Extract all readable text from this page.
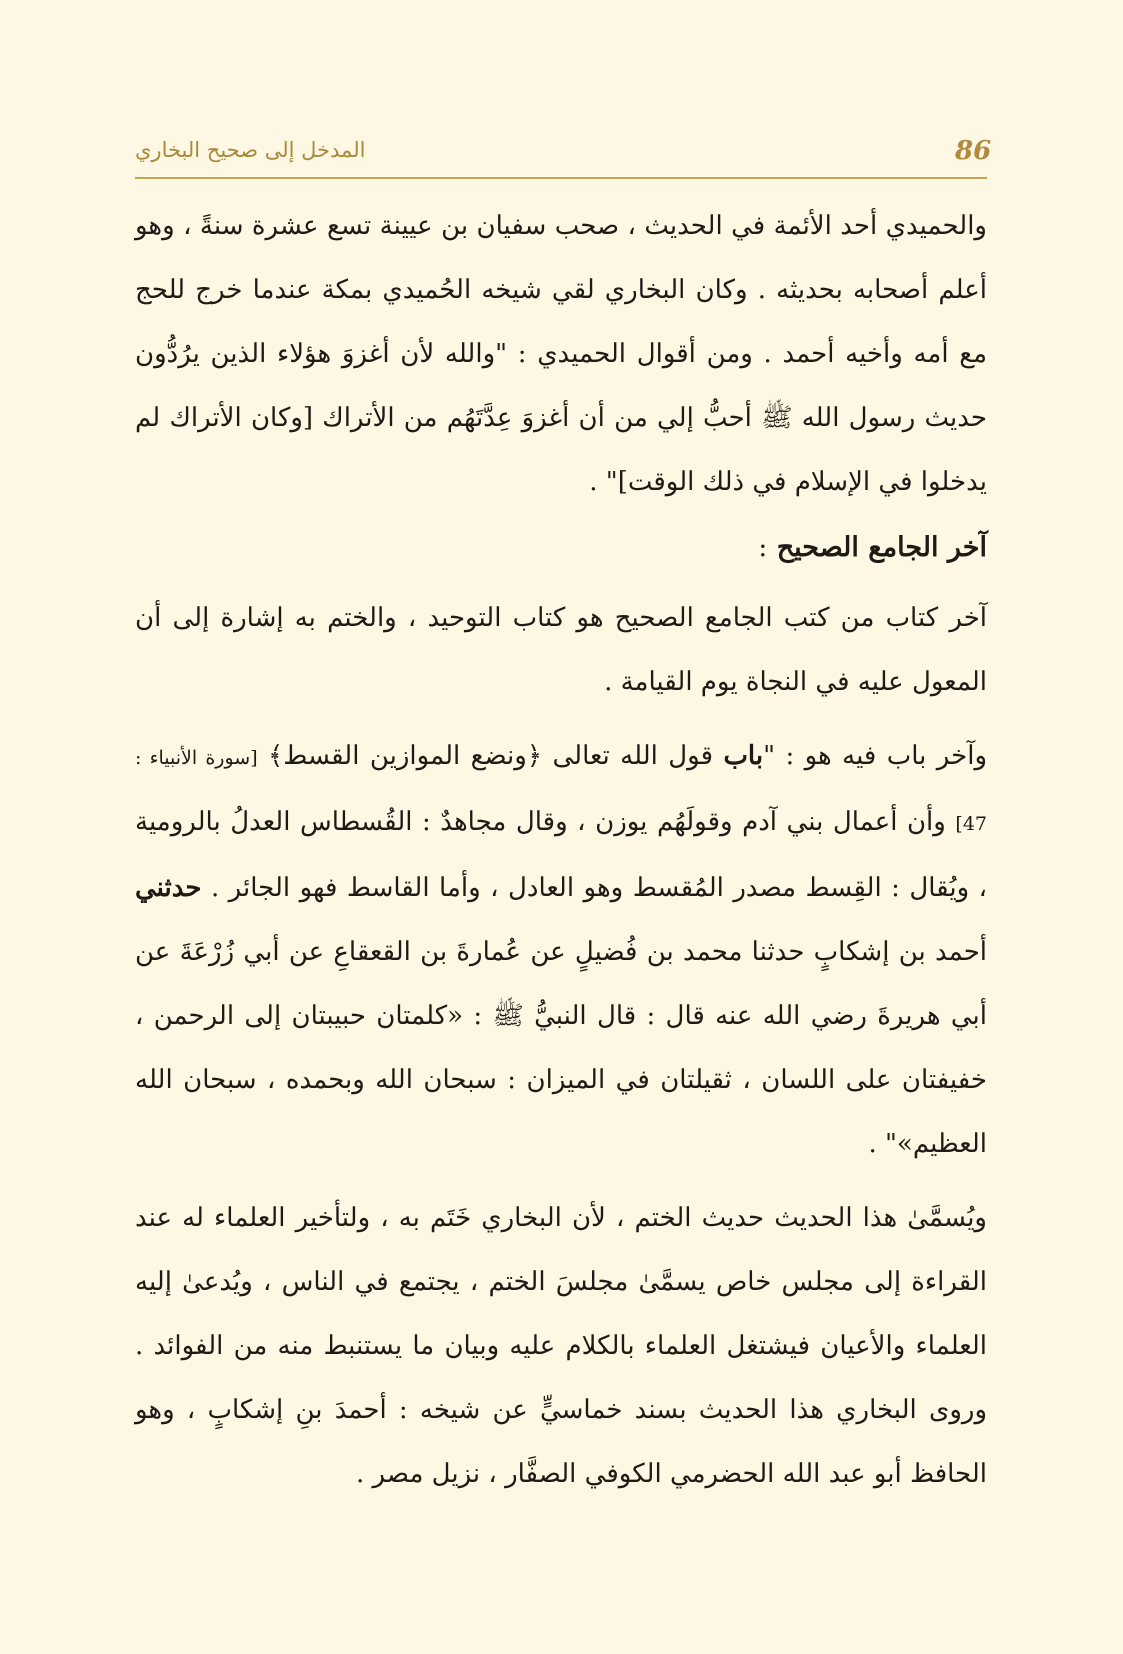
86
المدخل إلى صحيح البخاري

والحميدي أحد الأئمة في الحديث ، صحب سفيان بن عيينة تسع عشرة سنةً ، وهو أعلم أصحابه بحديثه . وكان البخاري لقي شيخه الحُميدي بمكة عندما خرج للحج مع أمه وأخيه أحمد . ومن أقوال الحميدي : "والله لأن أغزوَ هؤلاء الذين يرُدُّون حديث رسول الله ﷺ أحبُّ إلي من أن أغزوَ عِدَّتَهُم من الأتراك [وكان الأتراك لم يدخلوا في الإسلام في ذلك الوقت]" .

آخر الجامع الصحيح :

آخر كتاب من كتب الجامع الصحيح هو كتاب التوحيد ، والختم به إشارة إلى أن المعول عليه في النجاة يوم القيامة .

وآخر باب فيه هو : "باب قول الله تعالى ﴿ونضع الموازين القسط﴾ [سورة الأنبياء : 47] وأن أعمال بني آدم وقولَهُم يوزن ، وقال مجاهدٌ : القُسطاس العدلُ بالرومية ، ويُقال : القِسط مصدر المُقسط وهو العادل ، وأما القاسط فهو الجائر . حدثني أحمد بن إشكابٍ حدثنا محمد بن فُضيلٍ عن عُمارةَ بن القعقاعِ عن أبي زُرْعَةَ عن أبي هريرةَ رضي الله عنه قال : قال النبيُّ ﷺ : «كلمتان حبيبتان إلى الرحمن ، خفيفتان على اللسان ، ثقيلتان في الميزان : سبحان الله وبحمده ، سبحان الله العظيم»" .

ويُسمَّىٰ هذا الحديث حديث الختم ، لأن البخاري خَتَم به ، ولتأخير العلماء له عند القراءة إلى مجلس خاص يسمَّىٰ مجلسَ الختم ، يجتمع في الناس ، ويُدعىٰ إليه العلماء والأعيان فيشتغل العلماء بالكلام عليه وبيان ما يستنبط منه من الفوائد . وروى البخاري هذا الحديث بسند خماسيٍّ عن شيخه : أحمدَ بنِ إشكابٍ ، وهو الحافظ أبو عبد الله الحضرمي الكوفي الصفَّار ، نزيل مصر .
